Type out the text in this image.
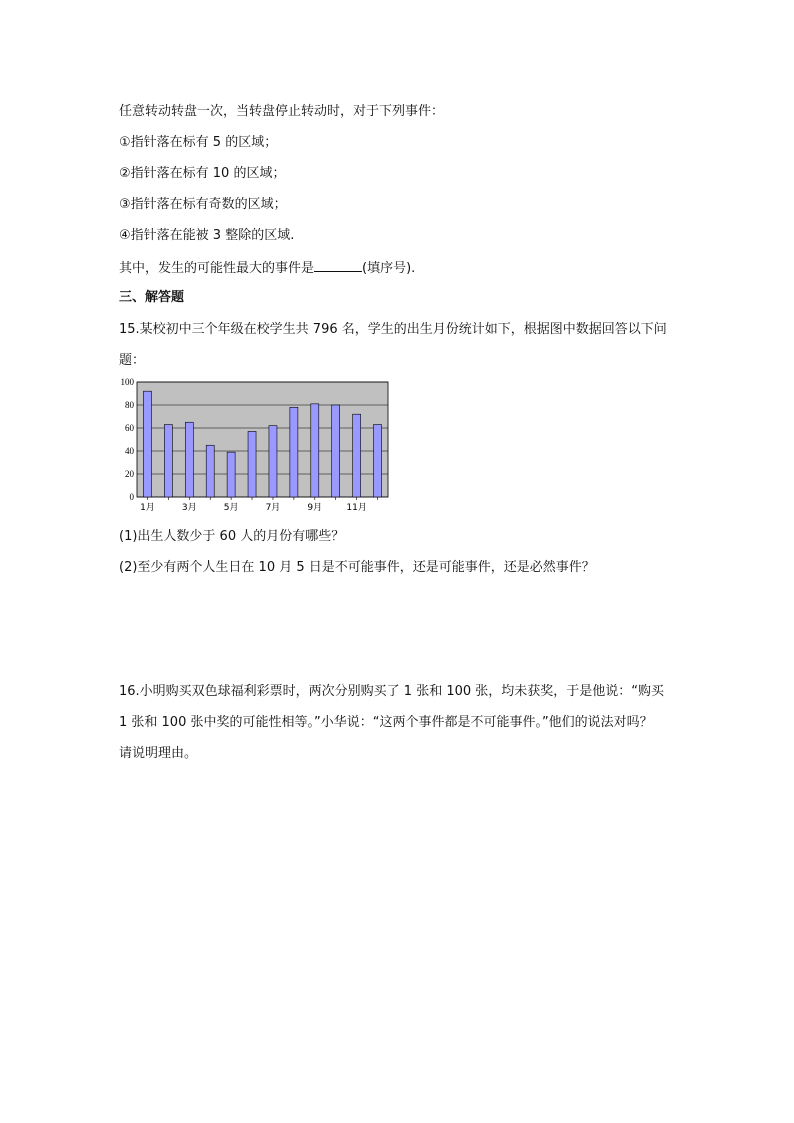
任意转动转盘一次，当转盘停止转动时，对于下列事件：
①指针落在标有 5 的区域；
②指针落在标有 10 的区域；
③指针落在标有奇数的区域；
④指针落在能被 3 整除的区域.
其中，发生的可能性最大的事件是	(填序号).
三、解答题
15.某校初中三个年级在校学生共 796 名，学生的出生月份统计如下，根据图中数据回答以下问
题：
0
20
40
60
80
100
1月	3月	5月	7月	9月	11月
(1)出生人数少于 60 人的月份有哪些？
(2)至少有两个人生日在 10 月 5 日是不可能事件，还是可能事件，还是必然事件？
16.小明购买双色球福利彩票时，两次分别购买了 1 张和 100 张，均未获奖，于是他说：“购买
1 张和 100 张中奖的可能性相等。”小华说：“这两个事件都是不可能事件。”他们的说法对吗？
请说明理由。
